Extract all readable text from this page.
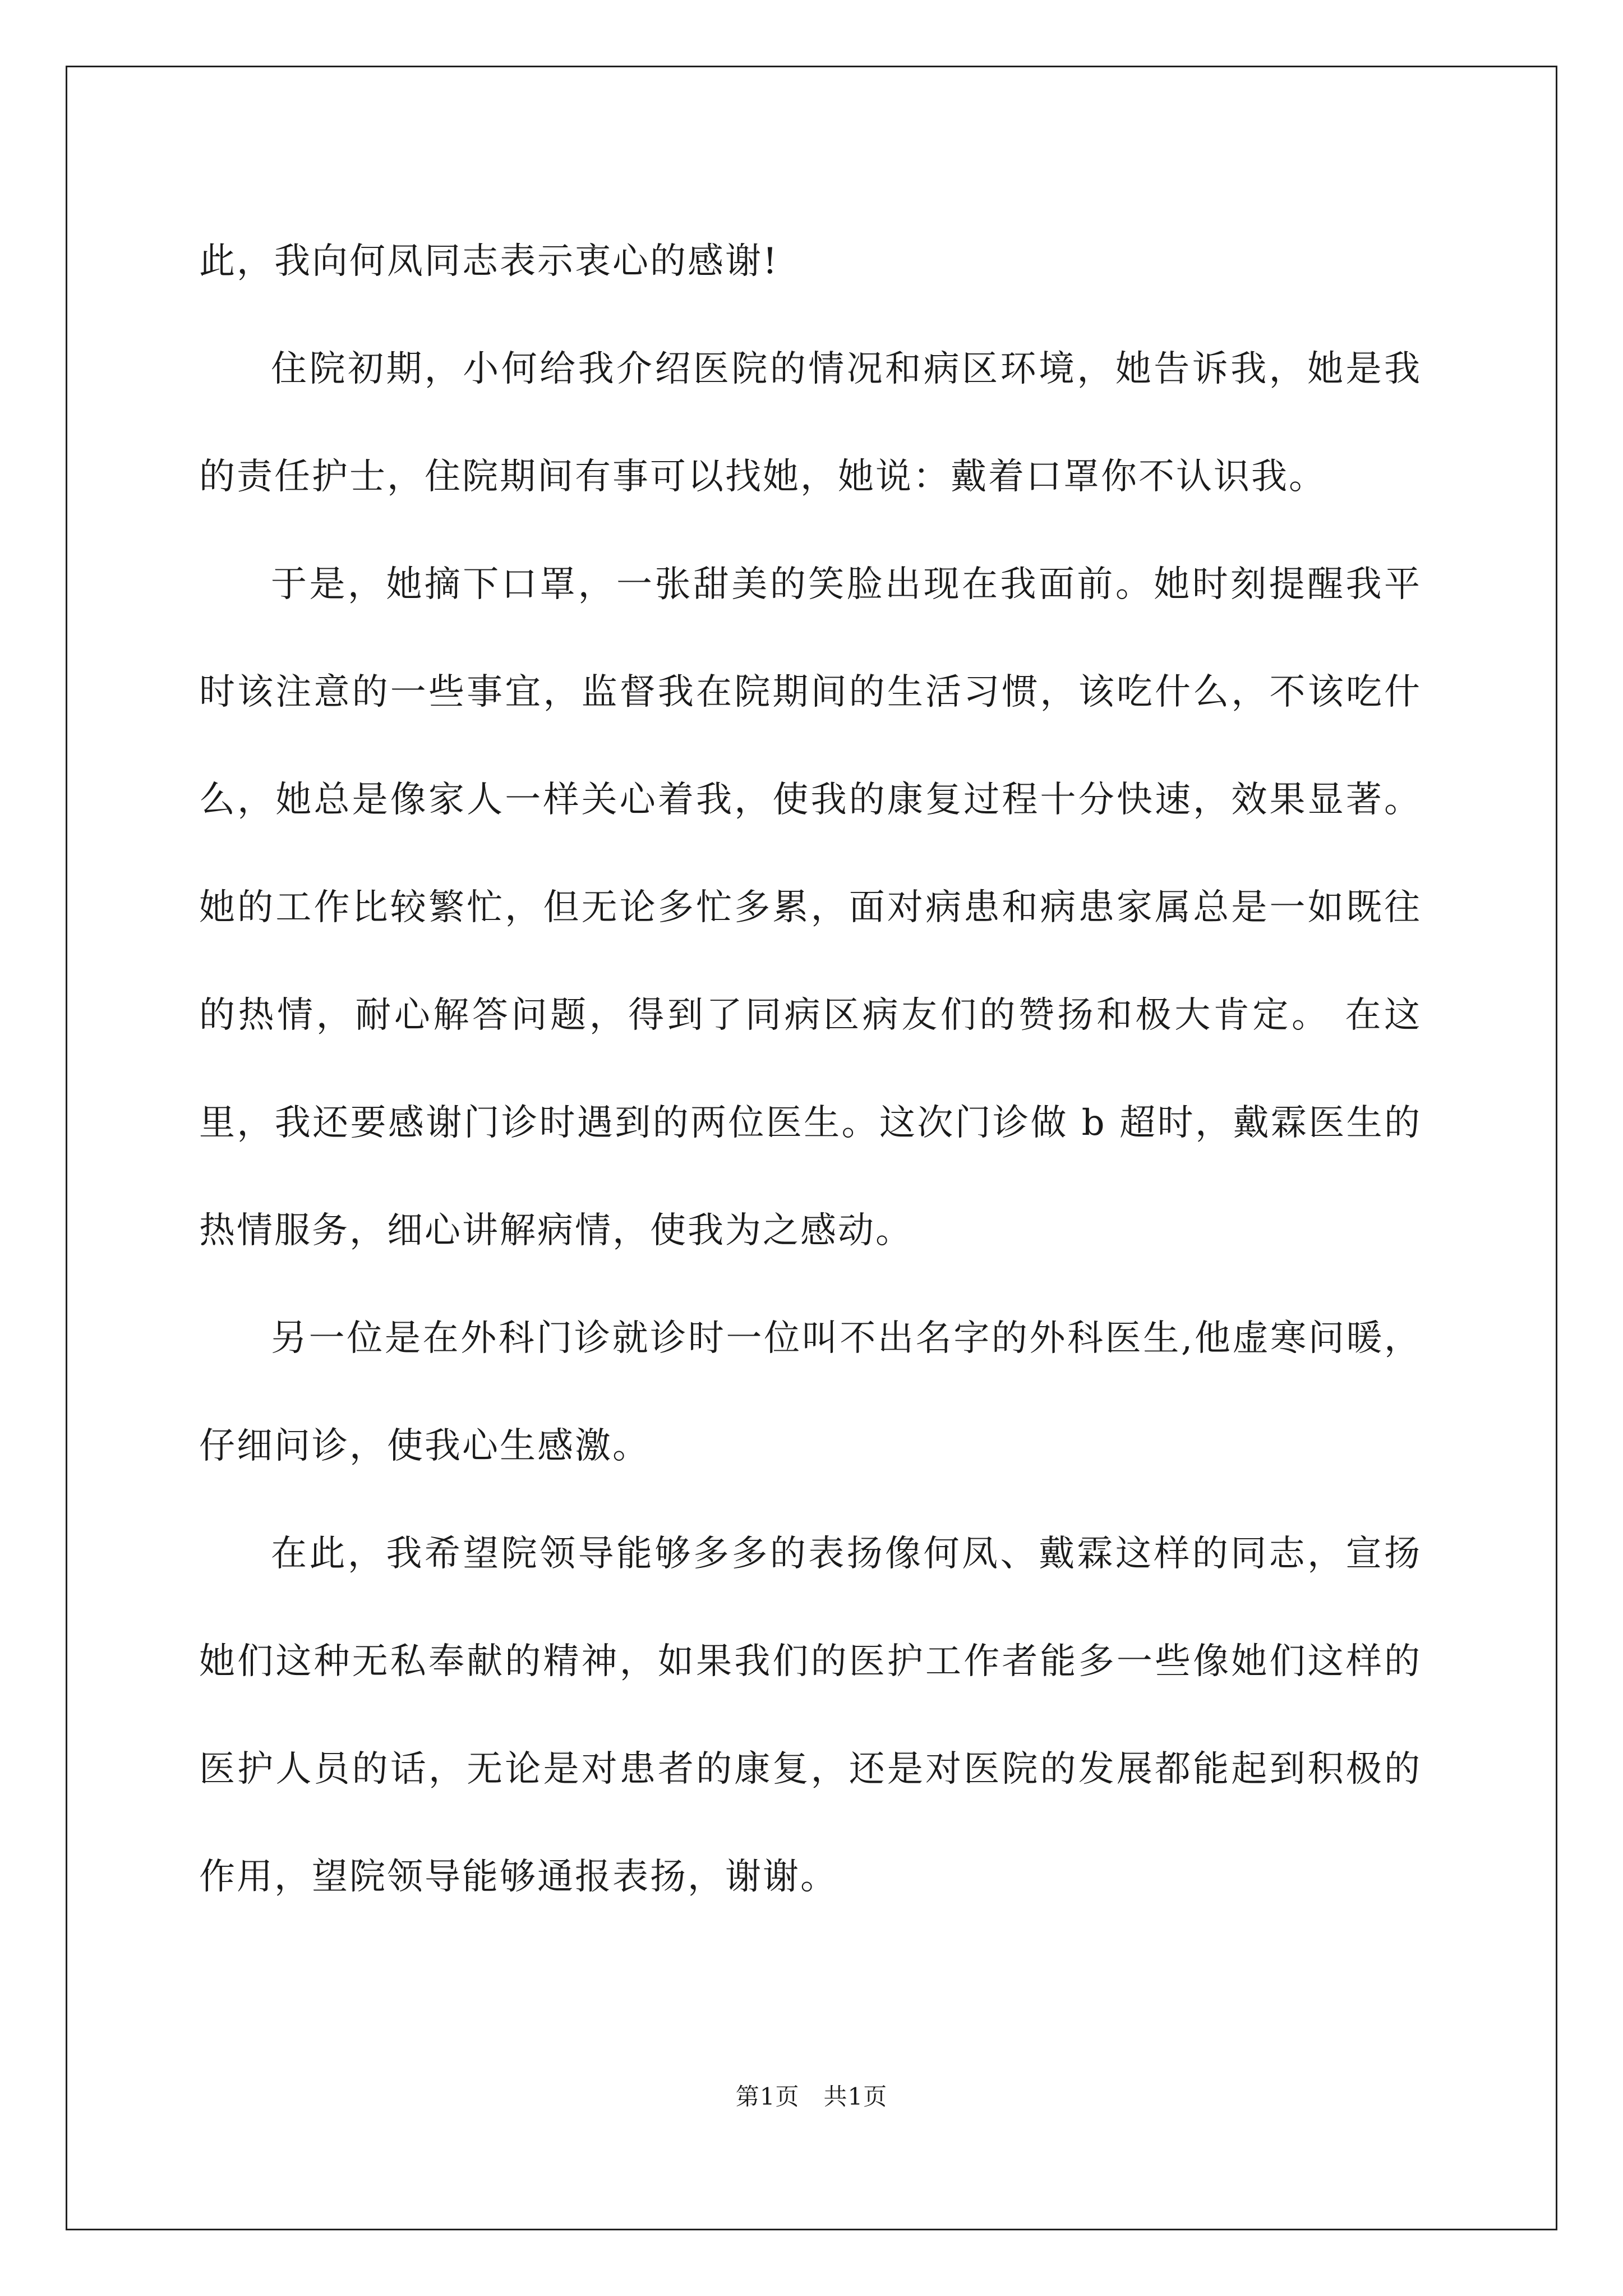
此，我向何凤同志表示衷心的感谢!

住院初期，小何给我介绍医院的情况和病区环境，她告诉我，她是我的责任护士，住院期间有事可以找她，她说：戴着口罩你不认识我。

于是，她摘下口罩，一张甜美的笑脸出现在我面前。她时刻提醒我平时该注意的一些事宜，监督我在院期间的生活习惯，该吃什么，不该吃什么，她总是像家人一样关心着我，使我的康复过程十分快速，效果显著。她的工作比较繁忙，但无论多忙多累，面对病患和病患家属总是一如既往的热情，耐心解答问题，得到了同病区病友们的赞扬和极大肯定。 在这里，我还要感谢门诊时遇到的两位医生。这次门诊做 b 超时，戴霖医生的热情服务，细心讲解病情，使我为之感动。

另一位是在外科门诊就诊时一位叫不出名字的外科医生,他虚寒问暖，仔细问诊，使我心生感激。

在此，我希望院领导能够多多的表扬像何凤、戴霖这样的同志，宣扬她们这种无私奉献的精神，如果我们的医护工作者能多一些像她们这样的医护人员的话，无论是对患者的康复，还是对医院的发展都能起到积极的作用，望院领导能够通报表扬，谢谢。

第1页　共1页
